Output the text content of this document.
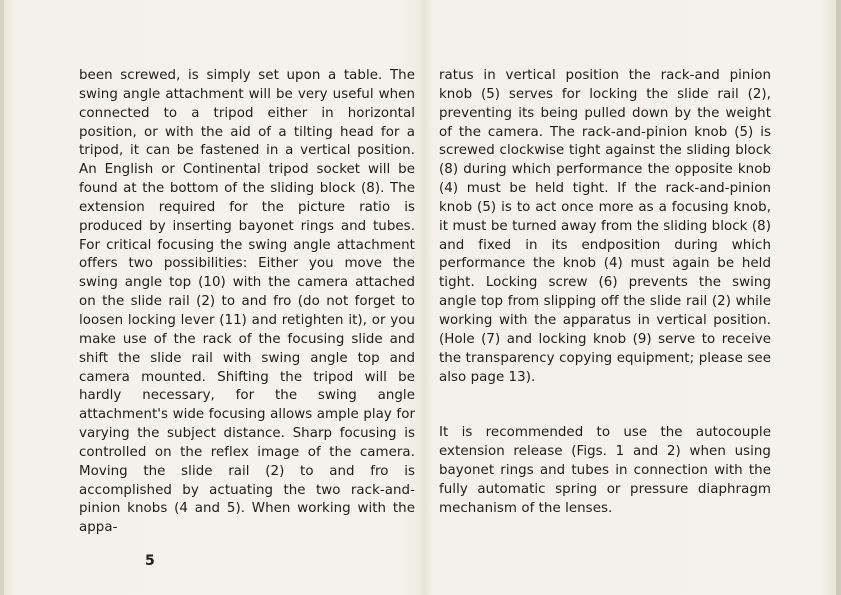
been screwed, is simply set upon a table. The swing angle attachment will be very useful when connected to a tripod either in horizontal position, or with the aid of a tilting head for a tripod, it can be fastened in a vertical position. An English or Continental tripod socket will be found at the bottom of the sliding block (8). The extension required for the picture ratio is produced by inserting bayonet rings and tubes. For critical focusing the swing angle attachment offers two possibilities: Either you move the swing angle top (10) with the camera attached on the slide rail (2) to and fro (do not forget to loosen locking lever (11) and retighten it), or you make use of the rack of the focusing slide and shift the slide rail with swing angle top and camera mounted. Shifting the tripod will be hardly necessary, for the swing angle attachment's wide focusing allows ample play for varying the subject distance. Sharp focusing is controlled on the reflex image of the camera. Moving the slide rail (2) to and fro is accomplished by actuating the two rack-and-pinion knobs (4 and 5). When working with the appa-

ratus in vertical position the rack-and pinion knob (5) serves for locking the slide rail (2), preventing its being pulled down by the weight of the camera. The rack-and-pinion knob (5) is screwed clockwise tight against the sliding block (8) during which performance the opposite knob (4) must be held tight. If the rack-and-pinion knob (5) is to act once more as a focusing knob, it must be turned away from the sliding block (8) and fixed in its endposition during which performance the knob (4) must again be held tight. Locking screw (6) prevents the swing angle top from slipping off the slide rail (2) while working with the apparatus in vertical position. (Hole (7) and locking knob (9) serve to receive the transparency copying equipment; please see also page 13).

It is recommended to use the autocouple extension release (Figs. 1 and 2) when using bayonet rings and tubes in connection with the fully automatic spring or pressure diaphragm mechanism of the lenses.

5
